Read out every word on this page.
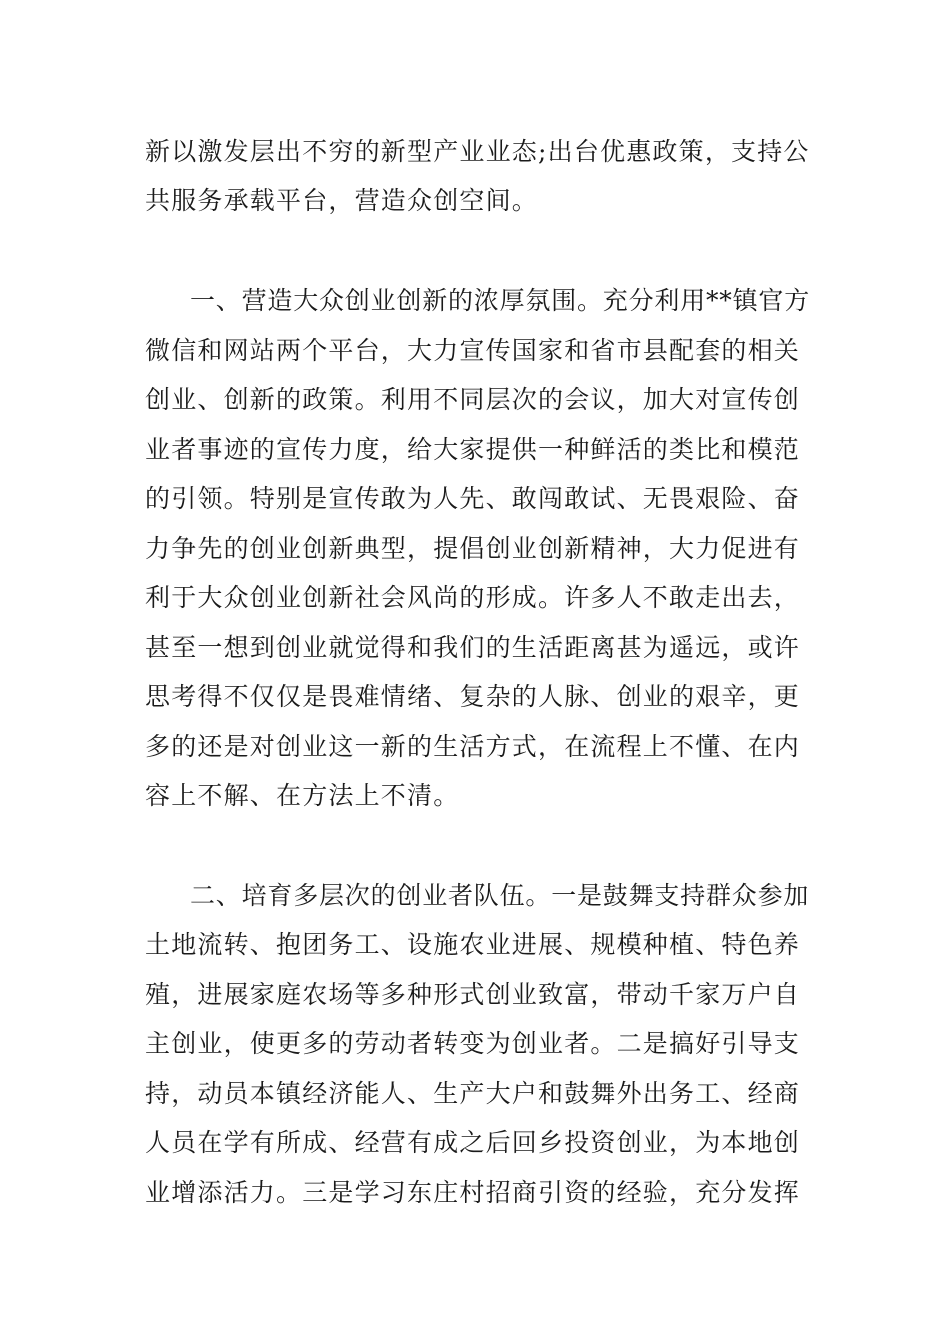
新以激发层出不穷的新型产业业态;出台优惠政策，支持公
共服务承载平台，营造众创空间。
一、营造大众创业创新的浓厚氛围。充分利用**镇官方
微信和网站两个平台，大力宣传国家和省市县配套的相关
创业、创新的政策。利用不同层次的会议，加大对宣传创
业者事迹的宣传力度，给大家提供一种鲜活的类比和模范
的引领。特别是宣传敢为人先、敢闯敢试、无畏艰险、奋
力争先的创业创新典型，提倡创业创新精神，大力促进有
利于大众创业创新社会风尚的形成。许多人不敢走出去，
甚至一想到创业就觉得和我们的生活距离甚为遥远，或许
思考得不仅仅是畏难情绪、复杂的人脉、创业的艰辛，更
多的还是对创业这一新的生活方式，在流程上不懂、在内
容上不解、在方法上不清。
二、培育多层次的创业者队伍。一是鼓舞支持群众参加
土地流转、抱团务工、设施农业进展、规模种植、特色养
殖，进展家庭农场等多种形式创业致富，带动千家万户自
主创业，使更多的劳动者转变为创业者。二是搞好引导支
持，动员本镇经济能人、生产大户和鼓舞外出务工、经商
人员在学有所成、经营有成之后回乡投资创业，为本地创
业增添活力。三是学习东庄村招商引资的经验，充分发挥
